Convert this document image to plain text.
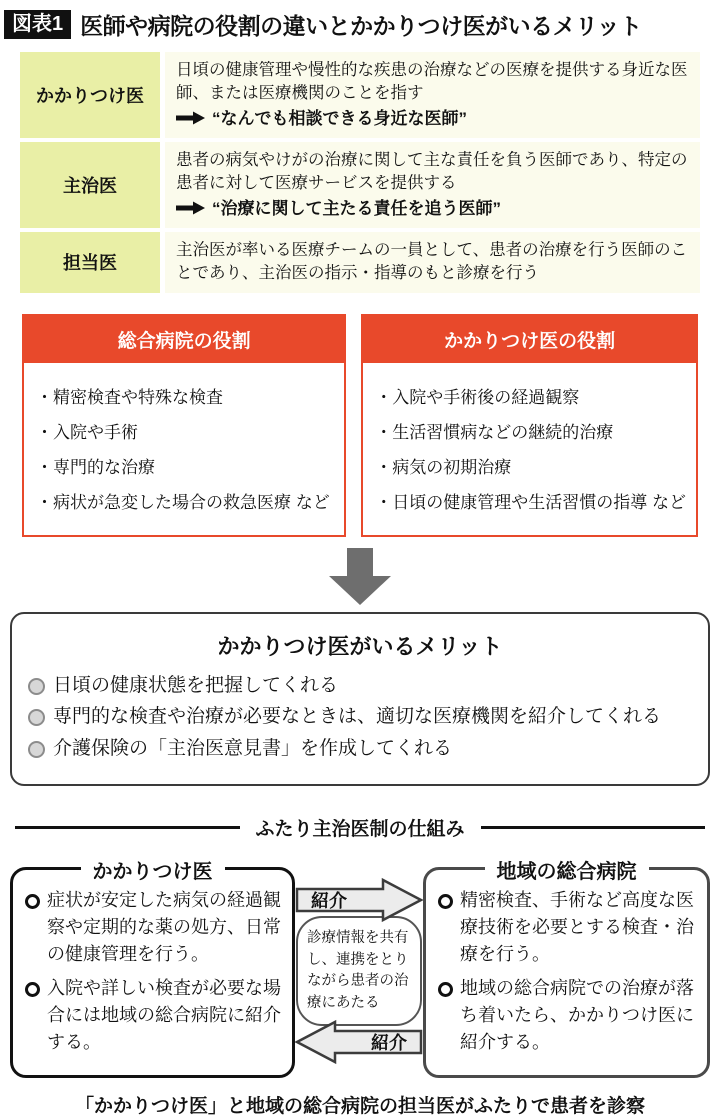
図表1 医師や病院の役割の違いとかかりつけ医がいるメリット
かかりつけ医
日頃の健康管理や慢性的な疾患の治療などの医療を提供する身近な医師、または医療機関のことを指す
“なんでも相談できる身近な医師”
主治医
患者の病気やけがの治療に関して主な責任を負う医師であり、特定の患者に対して医療サービスを提供する
“治療に関して主たる責任を追う医師”
担当医
主治医が率いる医療チームの一員として、患者の治療を行う医師のことであり、主治医の指示・指導のもと診療を行う
総合病院の役割
・精密検査や特殊な検査
・入院や手術
・専門的な治療
・病状が急変した場合の救急医療 など
かかりつけ医の役割
・入院や手術後の経過観察
・生活習慣病などの継続的治療
・病気の初期治療
・日頃の健康管理や生活習慣の指導 など
かかりつけ医がいるメリット
日頃の健康状態を把握してくれる
専門的な検査や治療が必要なときは、適切な医療機関を紹介してくれる
介護保険の「主治医意見書」を作成してくれる
ふたり主治医制の仕組み
かかりつけ医
症状が安定した病気の経過観察や定期的な薬の処方、日常の健康管理を行う。
入院や詳しい検査が必要な場合には地域の総合病院に紹介する。
紹介
診療情報を共有し、連携をとりながら患者の治療にあたる
紹介
地域の総合病院
精密検査、手術など高度な医療技術を必要とする検査・治療を行う。
地域の総合病院での治療が落ち着いたら、かかりつけ医に紹介する。
「かかりつけ医」と地域の総合病院の担当医がふたりで患者を診察
